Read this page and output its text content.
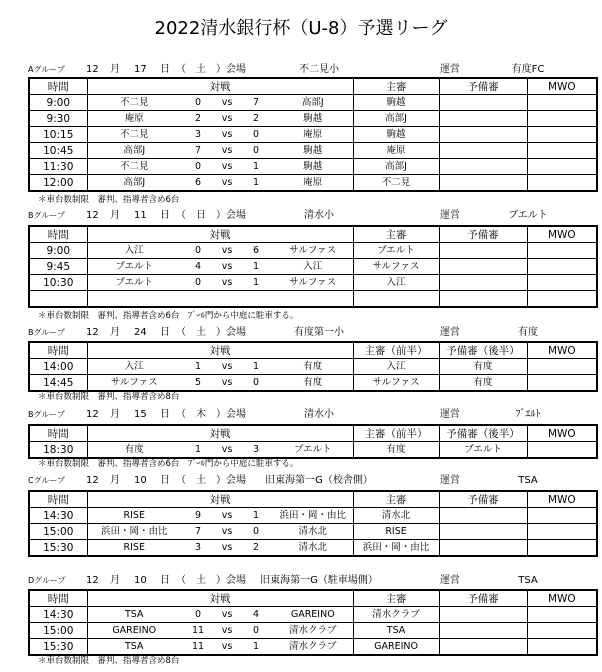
2022清水銀行杯（U-8）予選リーグ
Aグループ 12 月 17 日 （　土　） 会場	不二見小	運営	有度FC
時間	対戦					主審	予備審	MWO
9:00	不二見	0	vs	7	高部J	駒越		
9:30	庵原	2	vs	2	駒越	高部J		
10:15	不二見	3	vs	0	庵原	駒越		
10:45	高部J	7	vs	0	駒越	庵原		
11:30	不二見	0	vs	1	駒越	高部J		
12:00	高部J	6	vs	1	庵原	不二見		
＊車台数制限　審判、指導者含め6台
Bグループ 12 月 11 日 （　日　） 会場	清水小	運営	ブエルト
時間	対戦					主審	予備審	MWO
9:00	入江	0	vs	6	サルファス	ブエルト		
9:45	ブエルト	4	vs	1	入江	サルファス		
10:30	ブエルト	0	vs	1	サルファス	入江		

＊車台数制限　審判、指導者含め6台　ﾌﾞｰﾙ門から中庭に駐車する。
Bグループ 12 月 24 日 （　土　） 会場	有度第一小	運営	有度
時間	対戦					主審（前半）	予備審（後半）	MWO
14:00	入江	1	vs	1	有度	入江	有度	
14:45	サルファス	5	vs	0	有度	サルファス	有度	
＊車台数制限　審判、指導者含め8台
Bグループ 12 月 15 日 （　木　） 会場	清水小	運営	ﾌﾞｴﾙﾄ
時間	対戦					主審（前半）	予備審（後半）	MWO
18:30	有度	1	vs	3	ブエルト	有度	ブエルト	
＊車台数制限　審判、指導者含め6台　ﾌﾞｰﾙ門から中庭に駐車する。
Cグループ 12 月 10 日 （　土　） 会場	旧東海第一G（校舎側）	運営	TSA
時間	対戦					主審	予備審	MWO
14:30	RISE	9	vs	1	浜田・岡・由比	清水北		
15:00	浜田・岡・由比	7	vs	0	清水北	RISE		
15:30	RISE	3	vs	2	清水北	浜田・岡・由比		
Dグループ 12 月 10 日 （　土　） 会場 旧東海第一G（駐車場側）	運営	TSA
時間	対戦					主審	予備審	MWO
14:30	TSA	0	vs	4	GAREINO	清水クラブ		
15:00	GAREINO	11	vs	0	清水クラブ	TSA		
15:30	TSA	11	vs	1	清水クラブ	GAREINO		
＊車台数制限　審判、指導者含め8台
